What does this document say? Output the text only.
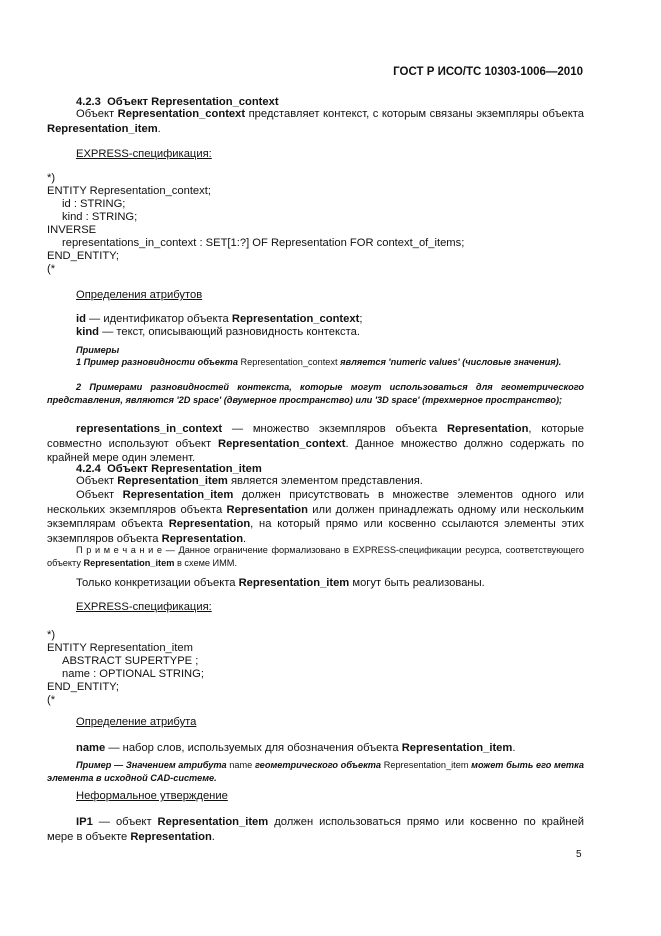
ГОСТ Р ИСО/ТС 10303-1006—2010
4.2.3 Объект Representation_context
Объект Representation_context представляет контекст, с которым связаны экземпляры объекта Representation_item.
EXPRESS-спецификация:
*)
ENTITY Representation_context;
id : STRING;
kind : STRING;
INVERSE
representations_in_context : SET[1:?] OF Representation FOR context_of_items;
END_ENTITY;
(*
Определения атрибутов
id — идентификатор объекта Representation_context;
kind — текст, описывающий разновидность контекста.
Примеры
1 Пример разновидности объекта Representation_context является 'numeric values' (числовые значения).
2 Примерами разновидностей контекста, которые могут использоваться для геометрического представления, являются '2D space' (двумерное пространство) или '3D space' (трехмерное пространство);
representations_in_context — множество экземпляров объекта Representation, которые совместно используют объект Representation_context. Данное множество должно содержать по крайней мере один элемент.
4.2.4 Объект Representation_item
Объект Representation_item является элементом представления.
Объект Representation_item должен присутствовать в множестве элементов одного или нескольких экземпляров объекта Representation или должен принадлежать одному или нескольким экземплярам объекта Representation, на который прямо или косвенно ссылаются элементы этих экземпляров объекта Representation.
П р и м е ч а н и е — Данное ограничение формализовано в EXPRESS-спецификации ресурса, соответствующего объекту Representation_item в схеме ИММ.
Только конкретизации объекта Representation_item могут быть реализованы.
EXPRESS-спецификация:
*)
ENTITY Representation_item
ABSTRACT SUPERTYPE ;
name : OPTIONAL STRING;
END_ENTITY;
(*
Определение атрибута
name — набор слов, используемых для обозначения объекта Representation_item.
Пример — Значением атрибута name геометрического объекта Representation_item может быть его метка элемента в исходной CAD-системе.
Неформальное утверждение
IP1 — объект Representation_item должен использоваться прямо или косвенно по крайней мере в объекте Representation.
5
